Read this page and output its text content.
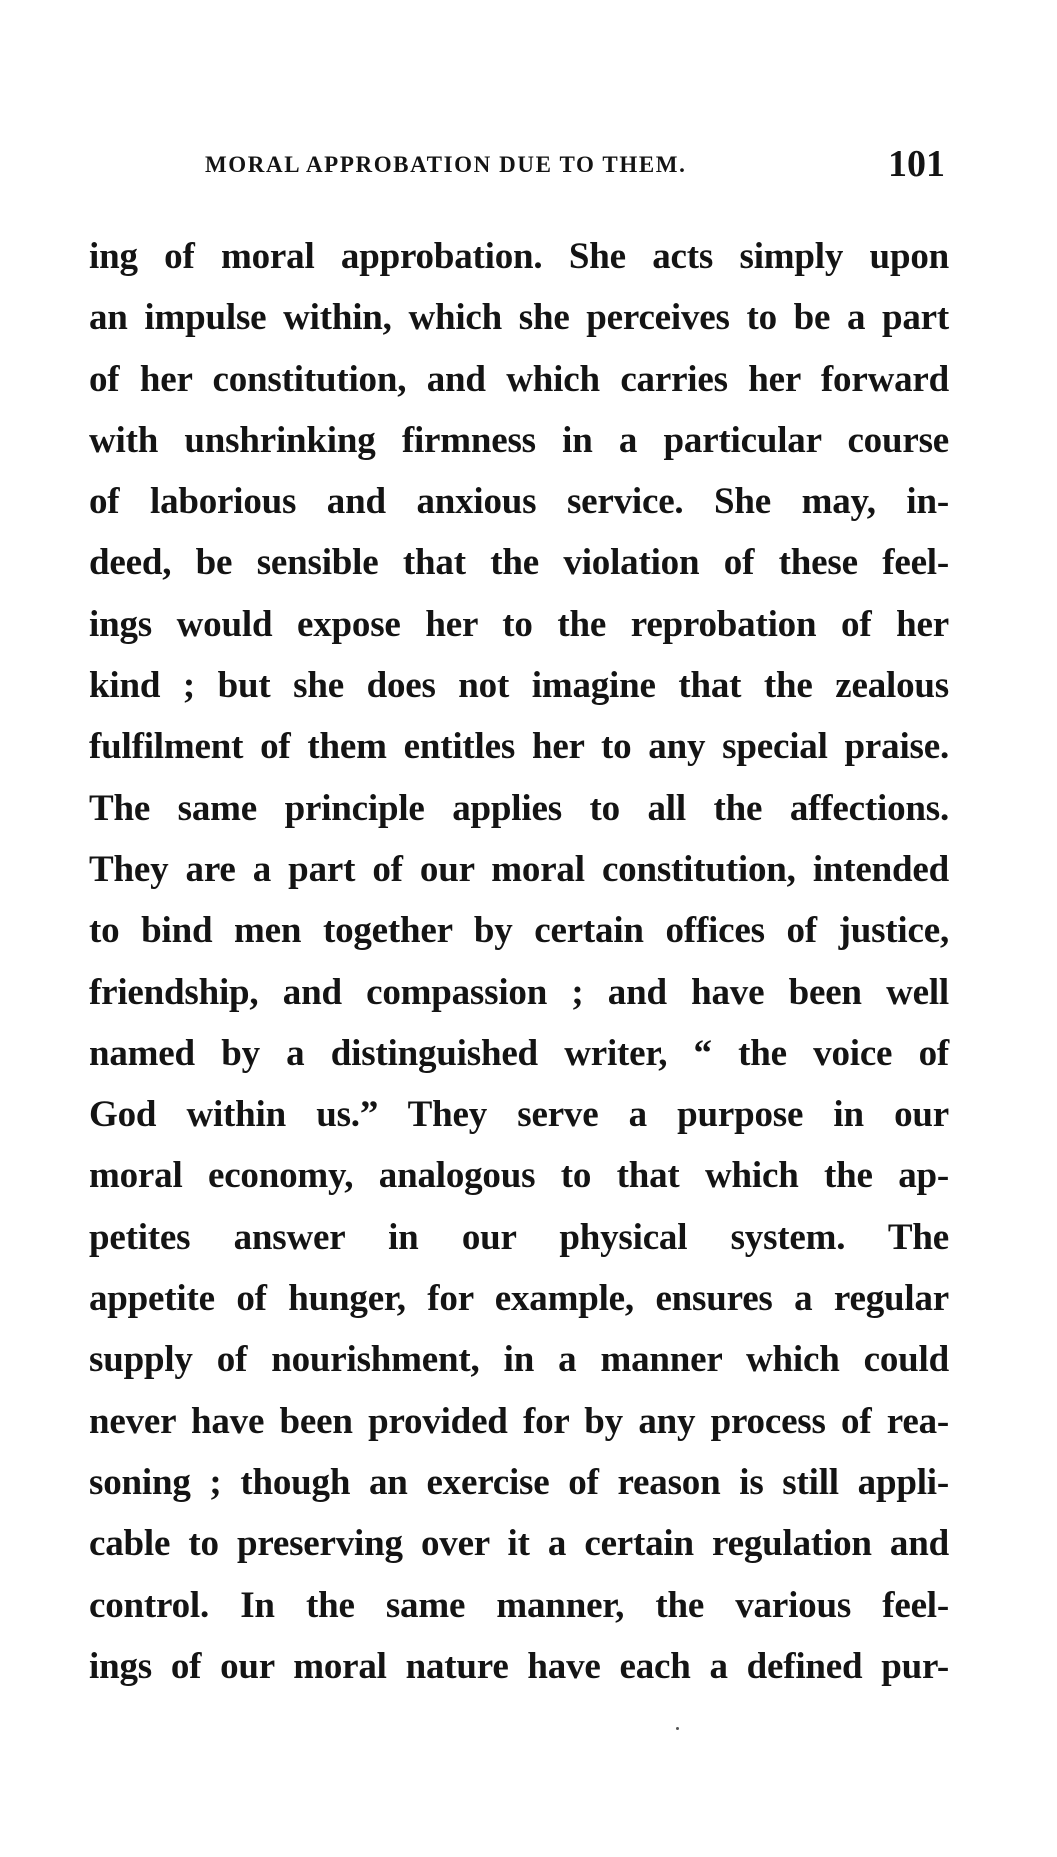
MORAL APPROBATION DUE TO THEM.	101
ing of moral approbation. She acts simply upon
an impulse within, which she perceives to be a part
of her constitution, and which carries her forward
with unshrinking firmness in a particular course
of laborious and anxious service. She may, in-
deed, be sensible that the violation of these feel-
ings would expose her to the reprobation of her
kind ; but she does not imagine that the zealous
fulfilment of them entitles her to any special praise.
The same principle applies to all the affections.
They are a part of our moral constitution, intended
to bind men together by certain offices of justice,
friendship, and compassion ; and have been well
named by a distinguished writer, “ the voice of
God within us.” They serve a purpose in our
moral economy, analogous to that which the ap-
petites answer in our physical system. The
appetite of hunger, for example, ensures a regular
supply of nourishment, in a manner which could
never have been provided for by any process of rea-
soning ; though an exercise of reason is still appli-
cable to preserving over it a certain regulation and
control. In the same manner, the various feel-
ings of our moral nature have each a defined pur-
